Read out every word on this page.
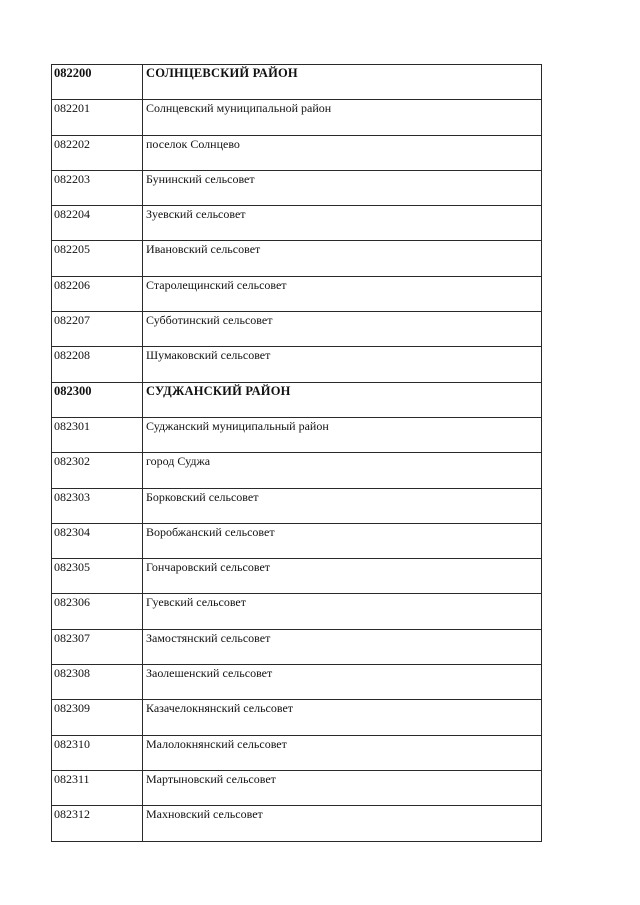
082200	СОЛНЦЕВСКИЙ РАЙОН
082201	Солнцевский муниципальной район
082202	поселок Солнцево
082203	Бунинский сельсовет
082204	Зуевский сельсовет
082205	Ивановский сельсовет
082206	Старолещинский сельсовет
082207	Субботинский сельсовет
082208	Шумаковский сельсовет
082300	СУДЖАНСКИЙ РАЙОН
082301	Суджанский муниципальный район
082302	город Суджа
082303	Борковский сельсовет
082304	Воробжанский сельсовет
082305	Гончаровский сельсовет
082306	Гуевский сельсовет
082307	Замостянский сельсовет
082308	Заолешенский сельсовет
082309	Казачелокнянский сельсовет
082310	Малолокнянский сельсовет
082311	Мартыновский сельсовет
082312	Махновский сельсовет
